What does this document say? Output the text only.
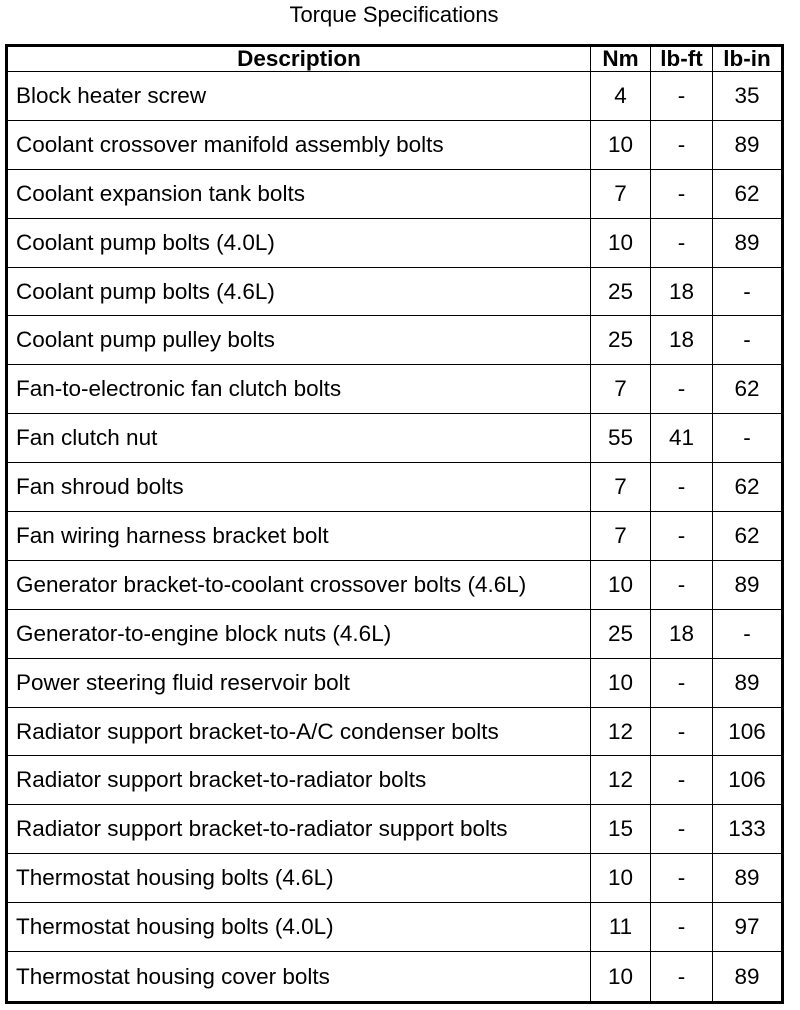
Torque Specifications
Description	Nm	lb-ft	lb-in
Block heater screw	4	-	35
Coolant crossover manifold assembly bolts	10	-	89
Coolant expansion tank bolts	7	-	62
Coolant pump bolts (4.0L)	10	-	89
Coolant pump bolts (4.6L)	25	18	-
Coolant pump pulley bolts	25	18	-
Fan-to-electronic fan clutch bolts	7	-	62
Fan clutch nut	55	41	-
Fan shroud bolts	7	-	62
Fan wiring harness bracket bolt	7	-	62
Generator bracket-to-coolant crossover bolts (4.6L)	10	-	89
Generator-to-engine block nuts (4.6L)	25	18	-
Power steering fluid reservoir bolt	10	-	89
Radiator support bracket-to-A/C condenser bolts	12	-	106
Radiator support bracket-to-radiator bolts	12	-	106
Radiator support bracket-to-radiator support bolts	15	-	133
Thermostat housing bolts (4.6L)	10	-	89
Thermostat housing bolts (4.0L)	11	-	97
Thermostat housing cover bolts	10	-	89
